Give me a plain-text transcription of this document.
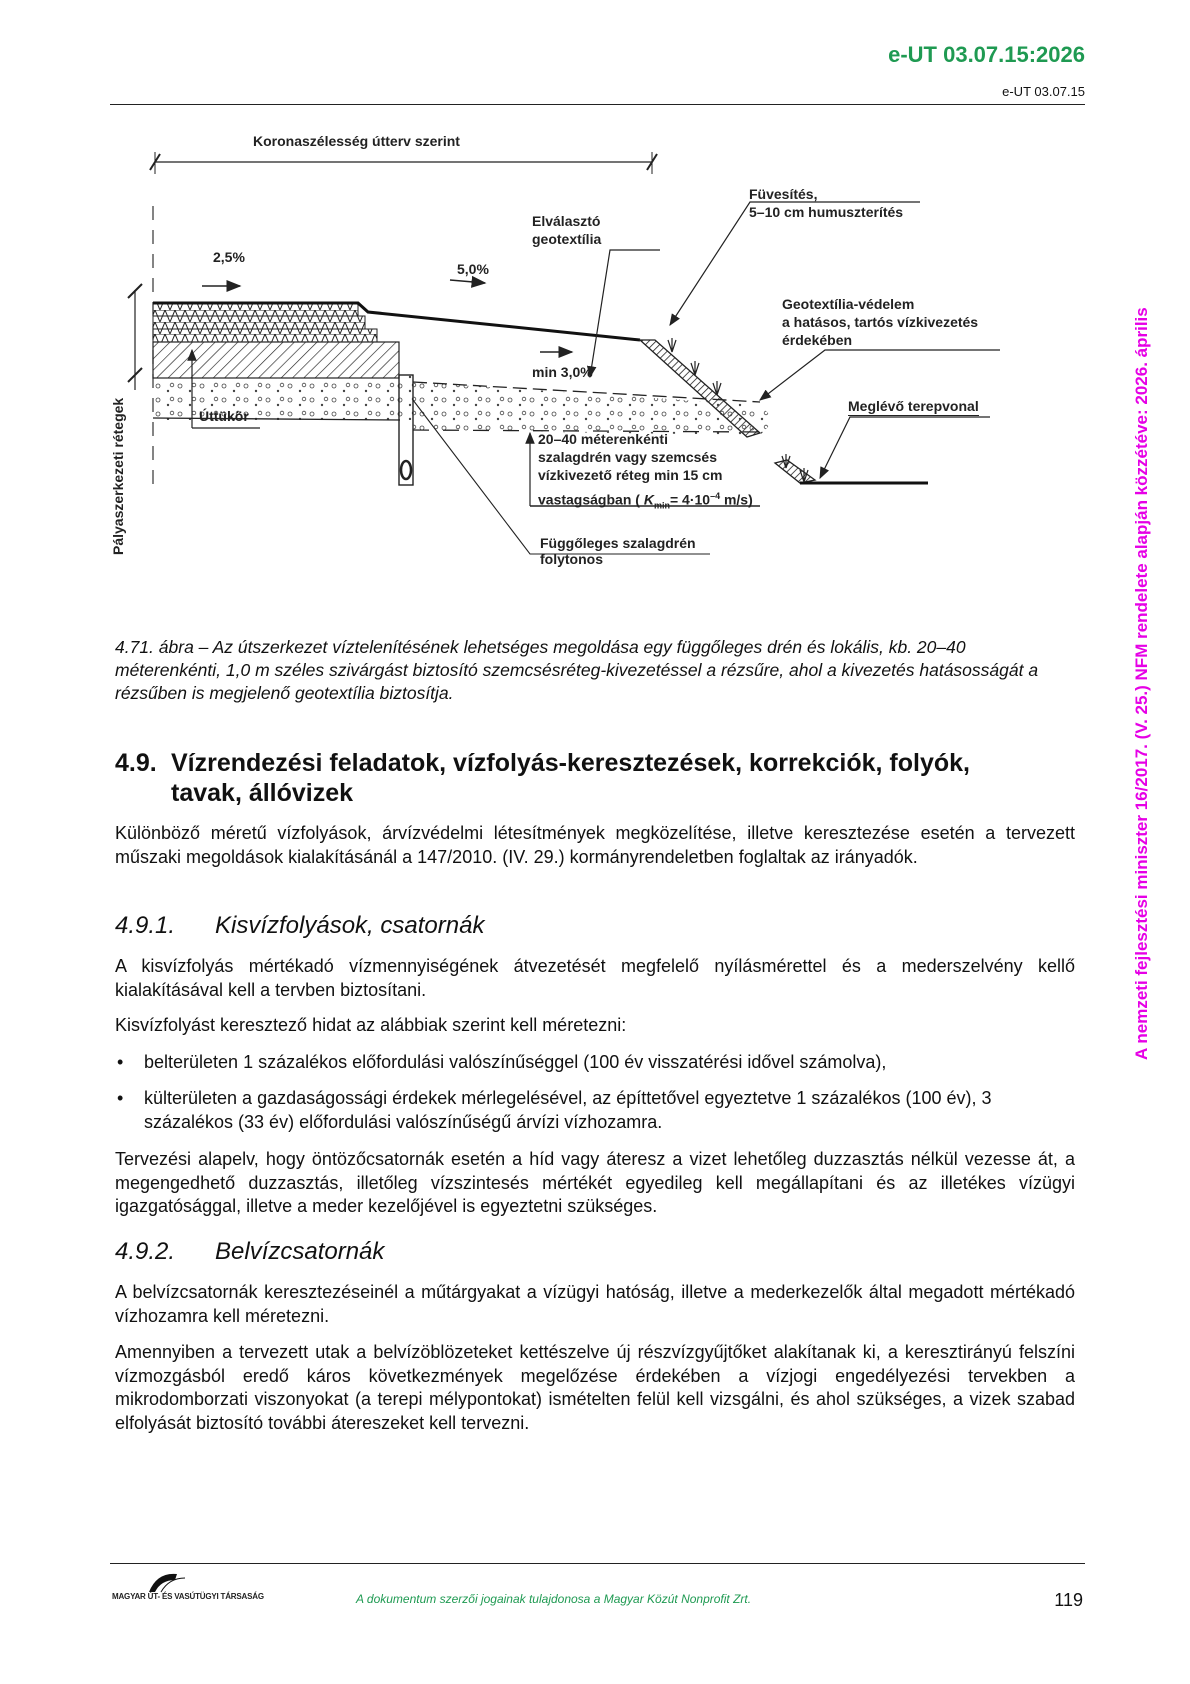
e-UT 03.07.15:2026
e-UT 03.07.15
A nemzeti fejlesztési miniszter 16/2017. (V. 25.) NFM rendelete alapján közzétéve: 2026. április
Koronaszélesség útterv szerint
Pályaszerkezeti rétegek
2,5%
5,0%
Elválasztó
geotextília
Füvesítés,
5–10 cm humuszterítés
Geotextília-védelem
a hatásos, tartós vízkivezetés
érdekében
min 3,0%
Meglévő terepvonal
Úttükör
20–40 méterenkénti
szalagdrén vagy szemcsés
vízkivezető réteg min 15 cm
vastagságban ( $K_{min}= 4\cdot 10^{-4}$ m/s)
Függőleges szalagdrén
folytonos
4.71. ábra – Az útszerkezet víztelenítésének lehetséges megoldása egy függőleges drén és lokális, kb. 20–40 méterenkénti, 1,0 m széles szivárgást biztosító szemcsésréteg-kivezetéssel a rézsűre, ahol a kivezetés hatásosságát a rézsűben is megjelenő geotextília biztosítja.
4.9. Vízrendezési feladatok, vízfolyás-keresztezések, korrekciók, folyók,
tavak, állóvizek
Különböző méretű vízfolyások, árvízvédelmi létesítmények megközelítése, illetve keresztezése esetén a tervezett műszaki megoldások kialakításánál a 147/2010. (IV. 29.) kormányrendeletben foglaltak az irányadók.
4.9.1. Kisvízfolyások, csatornák
A kisvízfolyás mértékadó vízmennyiségének átvezetését megfelelő nyílásmérettel és a mederszelvény kellő kialakításával kell a tervben biztosítani.
Kisvízfolyást keresztező hidat az alábbiak szerint kell méretezni:
• belterületen 1 százalékos előfordulási valószínűséggel (100 év visszatérési idővel számolva),
• külterületen a gazdaságossági érdekek mérlegelésével, az építtetővel egyeztetve 1 százalékos (100 év), 3 százalékos (33 év) előfordulási valószínűségű árvízi vízhozamra.
Tervezési alapelv, hogy öntözőcsatornák esetén a híd vagy áteresz a vizet lehetőleg duzzasztás nélkül vezesse át, a megengedhető duzzasztás, illetőleg vízszintesés mértékét egyedileg kell megállapítani és az illetékes vízügyi igazgatósággal, illetve a meder kezelőjével is egyeztetni szükséges.
4.9.2. Belvízcsatornák
A belvízcsatornák keresztezéseinél a műtárgyakat a vízügyi hatóság, illetve a mederkezelők által megadott mértékadó vízhozamra kell méretezni.
Amennyiben a tervezett utak a belvízöblözeteket kettészelve új részvízgyűjtőket alakítanak ki, a keresztirányú felszíni vízmozgásból eredő káros következmények megelőzése érdekében a vízjogi engedélyezési tervekben a mikrodomborzati viszonyokat (a terepi mélypontokat) ismételten felül kell vizsgálni, és ahol szükséges, a vizek szabad elfolyását biztosító további átereszeket kell tervezni.
MAGYAR ÚT- ÉS VASÚTÜGYI TÁRSASÁG	A dokumentum szerzői jogainak tulajdonosa a Magyar Közút Nonprofit Zrt.	119
